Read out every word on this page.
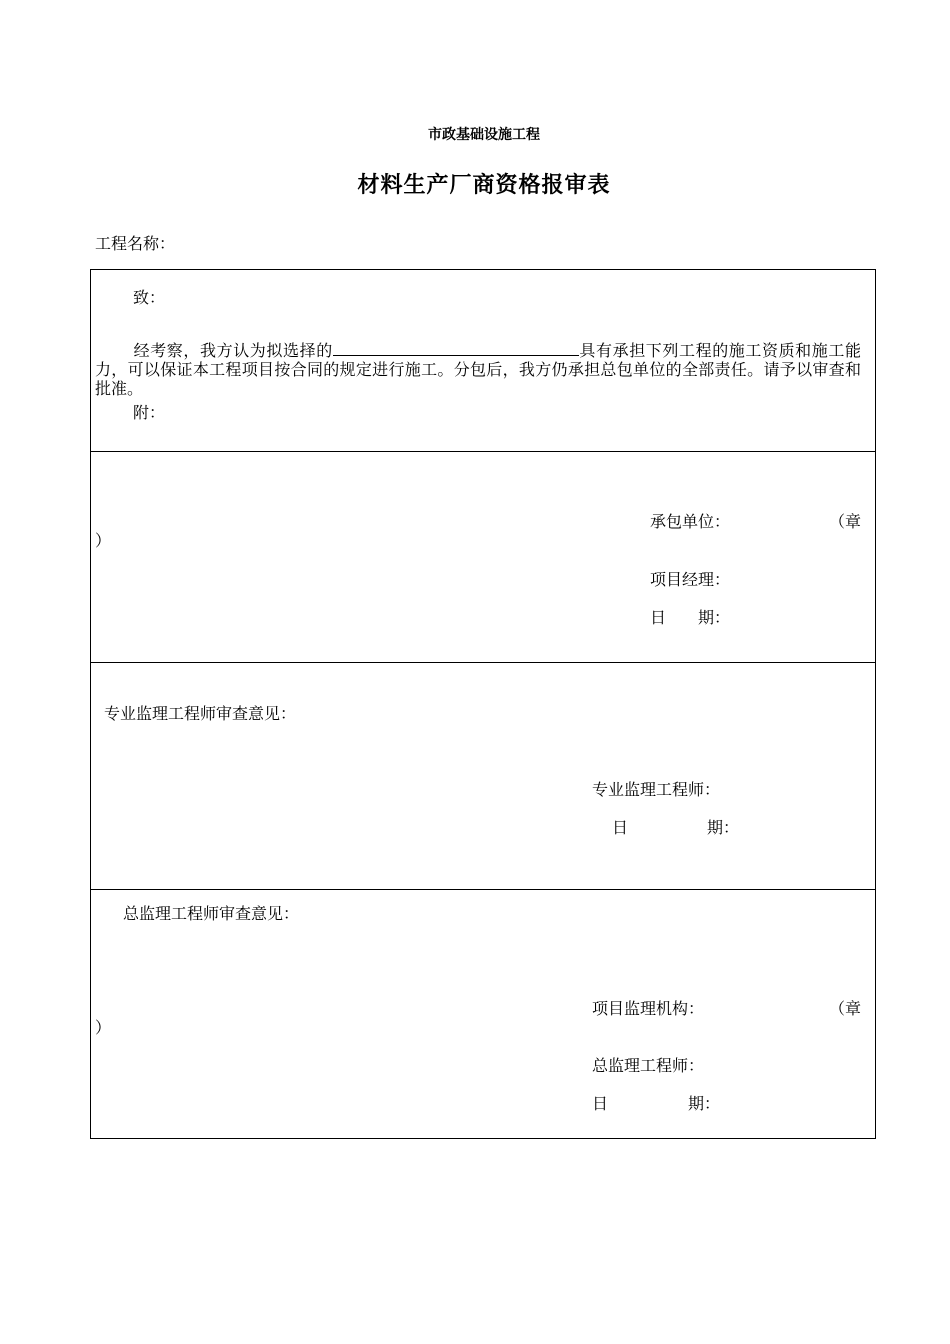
市政基础设施工程
材料生产厂商资格报审表
工程名称：
致：
经考察，我方认为拟选择的	具有承担下列工程的施工资质和施工能力，可以保证本工程项目按合同的规定进行施工。分包后，我方仍承担总包单位的全部责任。请予以审查和批准。
附：
承包单位：	（章
）
项目经理：
日　　期：
专业监理工程师审查意见：
专业监理工程师：
日	期：
总监理工程师审查意见：
项目监理机构：	（章
）
总监理工程师：
日	期：
